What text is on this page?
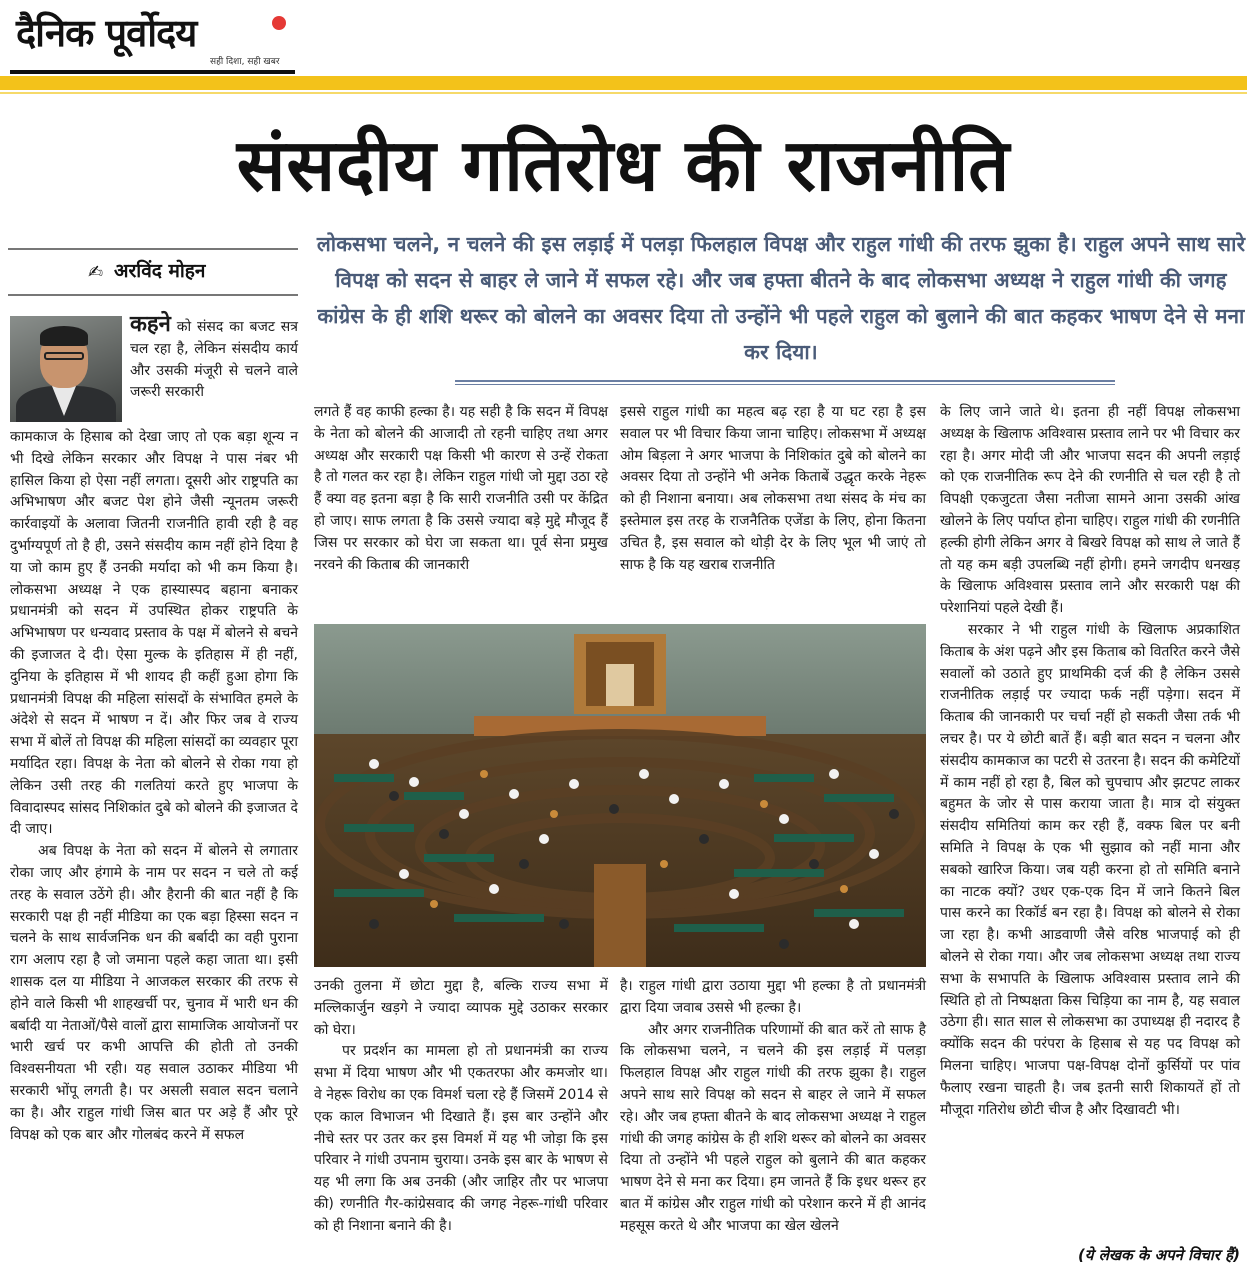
दैनिक पूर्वोदय
सही दिशा, सही खबर
संसदीय गतिरोध की राजनीति
✍ अरविंद मोहन

कहने को संसद का बजट सत्र चल रहा है, लेकिन संसदीय कार्य और उसकी मंजूरी से चलने वाले जरूरी सरकारी

कामकाज के हिसाब को देखा जाए तो एक बड़ा शून्य न भी दिखे लेकिन सरकार और विपक्ष ने पास नंबर भी हासिल किया हो ऐसा नहीं लगता। दूसरी ओर राष्ट्रपति का अभिभाषण और बजट पेश होने जैसी न्यूनतम जरूरी कार्रवाइयों के अलावा जितनी राजनीति हावी रही है वह दुर्भाग्यपूर्ण तो है ही, उसने संसदीय काम नहीं होने दिया है या जो काम हुए हैं उनकी मर्यादा को भी कम किया है। लोकसभा अध्यक्ष ने एक हास्यास्पद बहाना बनाकर प्रधानमंत्री को सदन में उपस्थित होकर राष्ट्रपति के अभिभाषण पर धन्यवाद प्रस्ताव के पक्ष में बोलने से बचने की इजाजत दे दी। ऐसा मुल्क के इतिहास में ही नहीं, दुनिया के इतिहास में भी शायद ही कहीं हुआ होगा कि प्रधानमंत्री विपक्ष की महिला सांसदों के संभावित हमले के अंदेशे से सदन में भाषण न दें। और फिर जब वे राज्य सभा में बोलें तो विपक्ष की महिला सांसदों का व्यवहार पूरा मर्यादित रहा। विपक्ष के नेता को बोलने से रोका गया हो लेकिन उसी तरह की गलतियां करते हुए भाजपा के विवादास्पद सांसद निशिकांत दुबे को बोलने की इजाजत दे दी जाए।

अब विपक्ष के नेता को सदन में बोलने से लगातार रोका जाए और हंगामे के नाम पर सदन न चले तो कई तरह के सवाल उठेंगे ही। और हैरानी की बात नहीं है कि सरकारी पक्ष ही नहीं मीडिया का एक बड़ा हिस्सा सदन न चलने के साथ सार्वजनिक धन की बर्बादी का वही पुराना राग अलाप रहा है जो जमाना पहले कहा जाता था। इसी शासक दल या मीडिया ने आजकल सरकार की तरफ से होने वाले किसी भी शाहखर्ची पर, चुनाव में भारी धन की बर्बादी या नेताओं/पैसे वालों द्वारा सामाजिक आयोजनों पर भारी खर्च पर कभी आपत्ति की होती तो उनकी विश्वसनीयता भी रही। यह सवाल उठाकर मीडिया भी सरकारी भोंपू लगती है। पर असली सवाल सदन चलाने का है। और राहुल गांधी जिस बात पर अड़े हैं और पूरे विपक्ष को एक बार और गोलबंद करने में सफल

लोकसभा चलने, न चलने की इस लड़ाई में पलड़ा फिलहाल विपक्ष और राहुल गांधी की तरफ झुका है। राहुल अपने साथ सारे विपक्ष को सदन से बाहर ले जाने में सफल रहे। और जब हफ्ता बीतने के बाद लोकसभा अध्यक्ष ने राहुल गांधी की जगह कांग्रेस के ही शशि थरूर को बोलने का अवसर दिया तो उन्होंने भी पहले राहुल को बुलाने की बात कहकर भाषण देने से मना कर दिया।

लगते हैं वह काफी हल्का है। यह सही है कि सदन में विपक्ष के नेता को बोलने की आजादी तो रहनी चाहिए तथा अगर अध्यक्ष और सरकारी पक्ष किसी भी कारण से उन्हें रोकता है तो गलत कर रहा है। लेकिन राहुल गांधी जो मुद्दा उठा रहे हैं क्या वह इतना बड़ा है कि सारी राजनीति उसी पर केंद्रित हो जाए। साफ लगता है कि उससे ज्यादा बड़े मुद्दे मौजूद हैं जिस पर सरकार को घेरा जा सकता था। पूर्व सेना प्रमुख नरवने की किताब की जानकारी

इससे राहुल गांधी का महत्व बढ़ रहा है या घट रहा है इस सवाल पर भी विचार किया जाना चाहिए। लोकसभा में अध्यक्ष ओम बिड़ला ने अगर भाजपा के निशिकांत दुबे को बोलने का अवसर दिया तो उन्होंने भी अनेक किताबें उद्धृत करके नेहरू को ही निशाना बनाया। अब लोकसभा तथा संसद के मंच का इस्तेमाल इस तरह के राजनैतिक एजेंडा के लिए, होना कितना उचित है, इस सवाल को थोड़ी देर के लिए भूल भी जाएं तो साफ है कि यह खराब राजनीति

उनकी तुलना में छोटा मुद्दा है, बल्कि राज्य सभा में मल्लिकार्जुन खड़गे ने ज्यादा व्यापक मुद्दे उठाकर सरकार को घेरा।

पर प्रदर्शन का मामला हो तो प्रधानमंत्री का राज्य सभा में दिया भाषण और भी एकतरफा और कमजोर था। वे नेहरू विरोध का एक विमर्श चला रहे हैं जिसमें 2014 से एक काल विभाजन भी दिखाते हैं। इस बार उन्होंने और नीचे स्तर पर उतर कर इस विमर्श में यह भी जोड़ा कि इस परिवार ने गांधी उपनाम चुराया। उनके इस बार के भाषण से यह भी लगा कि अब उनकी (और जाहिर तौर पर भाजपा की) रणनीति गैर-कांग्रेसवाद की जगह नेहरू-गांधी परिवार को ही निशाना बनाने की है।

है। राहुल गांधी द्वारा उठाया मुद्दा भी हल्का है तो प्रधानमंत्री द्वारा दिया जवाब उससे भी हल्का है।

और अगर राजनीतिक परिणामों की बात करें तो साफ है कि लोकसभा चलने, न चलने की इस लड़ाई में पलड़ा फिलहाल विपक्ष और राहुल गांधी की तरफ झुका है। राहुल अपने साथ सारे विपक्ष को सदन से बाहर ले जाने में सफल रहे। और जब हफ्ता बीतने के बाद लोकसभा अध्यक्ष ने राहुल गांधी की जगह कांग्रेस के ही शशि थरूर को बोलने का अवसर दिया तो उन्होंने भी पहले राहुल को बुलाने की बात कहकर भाषण देने से मना कर दिया। हम जानते हैं कि इधर थरूर हर बात में कांग्रेस और राहुल गांधी को परेशान करने में ही आनंद महसूस करते थे और भाजपा का खेल खेलने

के लिए जाने जाते थे। इतना ही नहीं विपक्ष लोकसभा अध्यक्ष के खिलाफ अविश्वास प्रस्ताव लाने पर भी विचार कर रहा है। अगर मोदी जी और भाजपा सदन की अपनी लड़ाई को एक राजनीतिक रूप देने की रणनीति से चल रही है तो विपक्षी एकजुटता जैसा नतीजा सामने आना उसकी आंख खोलने के लिए पर्याप्त होना चाहिए। राहुल गांधी की रणनीति हल्की होगी लेकिन अगर वे बिखरे विपक्ष को साथ ले जाते हैं तो यह कम बड़ी उपलब्धि नहीं होगी। हमने जगदीप धनखड़ के खिलाफ अविश्वास प्रस्ताव लाने और सरकारी पक्ष की परेशानियां पहले देखी हैं।

सरकार ने भी राहुल गांधी के खिलाफ अप्रकाशित किताब के अंश पढ़ने और इस किताब को वितरित करने जैसे सवालों को उठाते हुए प्राथमिकी दर्ज की है लेकिन उससे राजनीतिक लड़ाई पर ज्यादा फर्क नहीं पड़ेगा। सदन में किताब की जानकारी पर चर्चा नहीं हो सकती जैसा तर्क भी लचर है। पर ये छोटी बातें हैं। बड़ी बात सदन न चलना और संसदीय कामकाज का पटरी से उतरना है। सदन की कमेटियों में काम नहीं हो रहा है, बिल को चुपचाप और झटपट लाकर बहुमत के जोर से पास कराया जाता है। मात्र दो संयुक्त संसदीय समितियां काम कर रही हैं, वक्फ बिल पर बनी समिति ने विपक्ष के एक भी सुझाव को नहीं माना और सबको खारिज किया। जब यही करना हो तो समिति बनाने का नाटक क्यों? उधर एक-एक दिन में जाने कितने बिल पास करने का रिकॉर्ड बन रहा है। विपक्ष को बोलने से रोका जा रहा है। कभी आडवाणी जैसे वरिष्ठ भाजपाई को ही बोलने से रोका गया। और जब लोकसभा अध्यक्ष तथा राज्य सभा के सभापति के खिलाफ अविश्वास प्रस्ताव लाने की स्थिति हो तो निष्पक्षता किस चिड़िया का नाम है, यह सवाल उठेगा ही। सात साल से लोकसभा का उपाध्यक्ष ही नदारद है क्योंकि सदन की परंपरा के हिसाब से यह पद विपक्ष को मिलना चाहिए। भाजपा पक्ष-विपक्ष दोनों कुर्सियों पर पांव फैलाए रखना चाहती है। जब इतनी सारी शिकायतें हों तो मौजूदा गतिरोध छोटी चीज है और दिखावटी भी।

(ये लेखक के अपने विचार हैं)
